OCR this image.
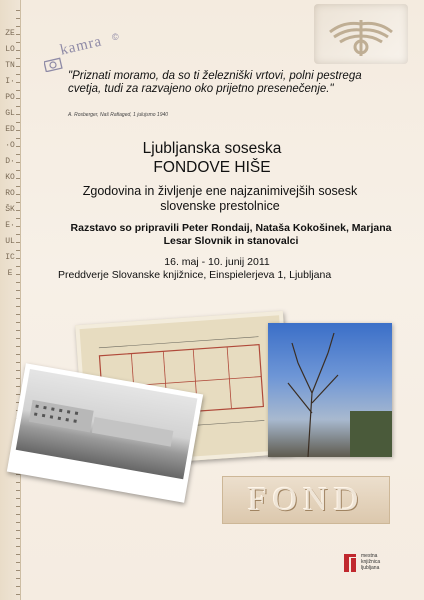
ZELOTNI·POGLED·OD·KOROŠKE·ULICE
kamra ©

"Priznati moramo, da so ti železniški vrtovi, polni pestrega cvetja, tudi za razvajeno oko prijetno presenečenje."

A. Rosberger, Naš Rafiaged, 1 julujsmo 1940
Ljubljanska soseska
FONDOVE HIŠE
Zgodovina in življenje ene najzanimivejših sosesk slovenske prestolnice
Razstavo so pripravili Peter Rondaij, Nataša Kokošinek, Marjana Lesar Slovnik in stanovalci
16. maj - 10. junij 2011
Preddverje Slovanske knjižnice, Einspielerjeva 1, Ljubljana
FOND
mestna
knjižnica
ljubljana
